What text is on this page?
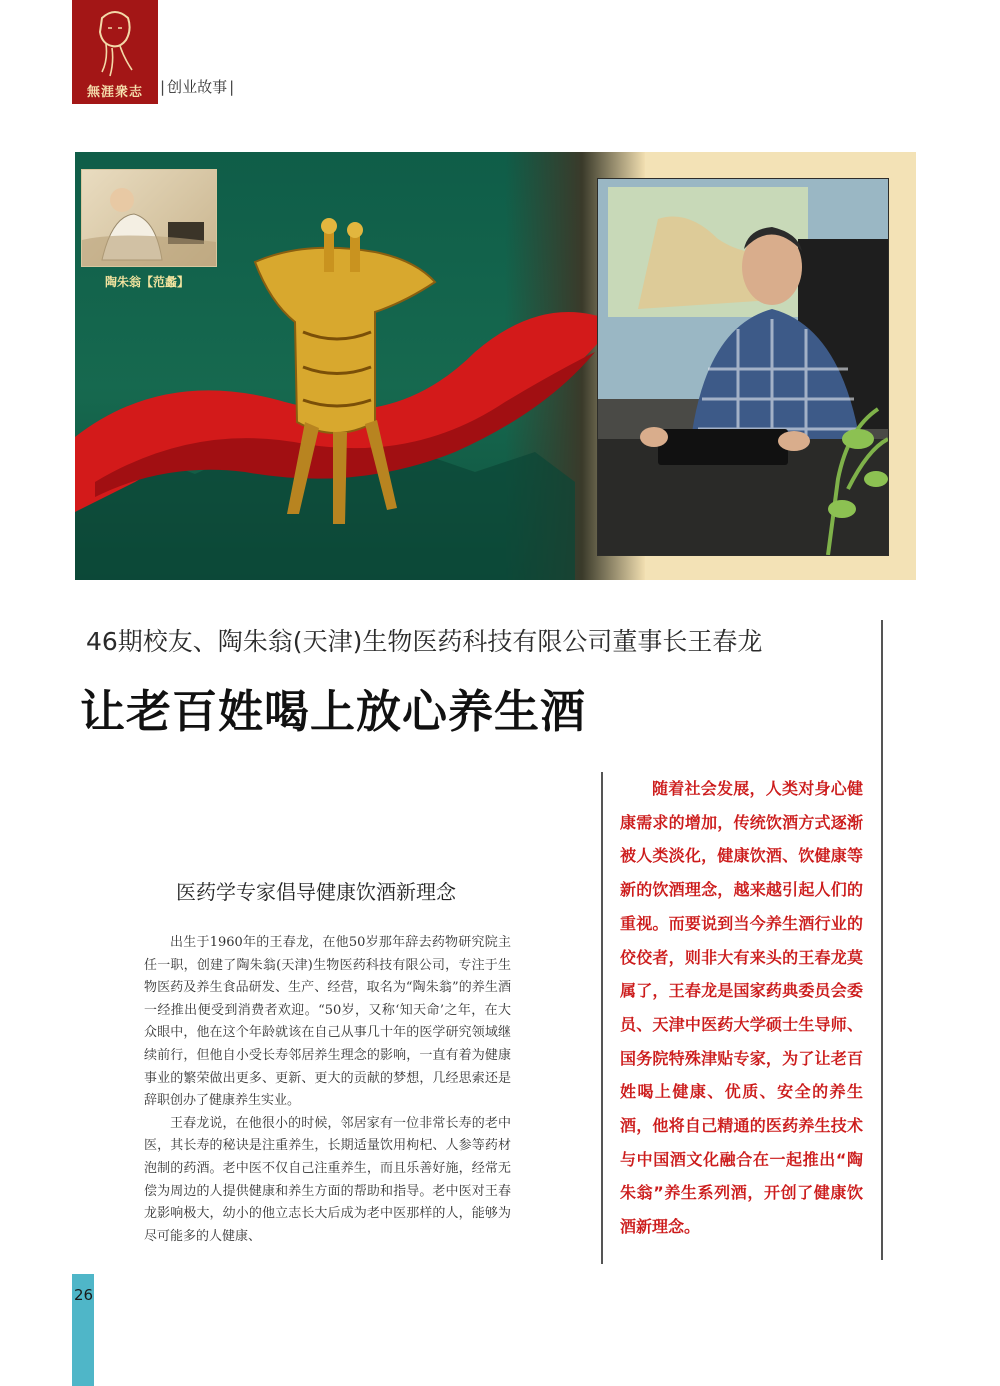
無涯衆志	| 创业故事 |
陶朱翁【范蠡】
46期校友、陶朱翁(天津)生物医药科技有限公司董事长王春龙
让老百姓喝上放心养生酒
医药学专家倡导健康饮酒新理念

出生于1960年的王春龙，在他50岁那年辞去药物研究院主任一职，创建了陶朱翁(天津)生物医药科技有限公司，专注于生物医药及养生食品研发、生产、经营，取名为“陶朱翁”的养生酒一经推出便受到消费者欢迎。“50岁，又称‘知天命’之年，在大众眼中，他在这个年龄就该在自己从事几十年的医学研究领域继续前行，但他自小受长寿邻居养生理念的影响，一直有着为健康事业的繁荣做出更多、更新、更大的贡献的梦想，几经思索还是辞职创办了健康养生实业。

王春龙说，在他很小的时候，邻居家有一位非常长寿的老中医，其长寿的秘诀是注重养生，长期适量饮用枸杞、人参等药材泡制的药酒。老中医不仅自己注重养生，而且乐善好施，经常无偿为周边的人提供健康和养生方面的帮助和指导。老中医对王春龙影响极大，幼小的他立志长大后成为老中医那样的人，能够为尽可能多的人健康、

随着社会发展，人类对身心健康需求的增加，传统饮酒方式逐渐被人类淡化，健康饮酒、饮健康等新的饮酒理念，越来越引起人们的重视。而要说到当今养生酒行业的佼佼者，则非大有来头的王春龙莫属了，王春龙是国家药典委员会委员、天津中医药大学硕士生导师、国务院特殊津贴专家，为了让老百姓喝上健康、优质、安全的养生酒，他将自己精通的医药养生技术与中国酒文化融合在一起推出“陶朱翁”养生系列酒，开创了健康饮酒新理念。

26
